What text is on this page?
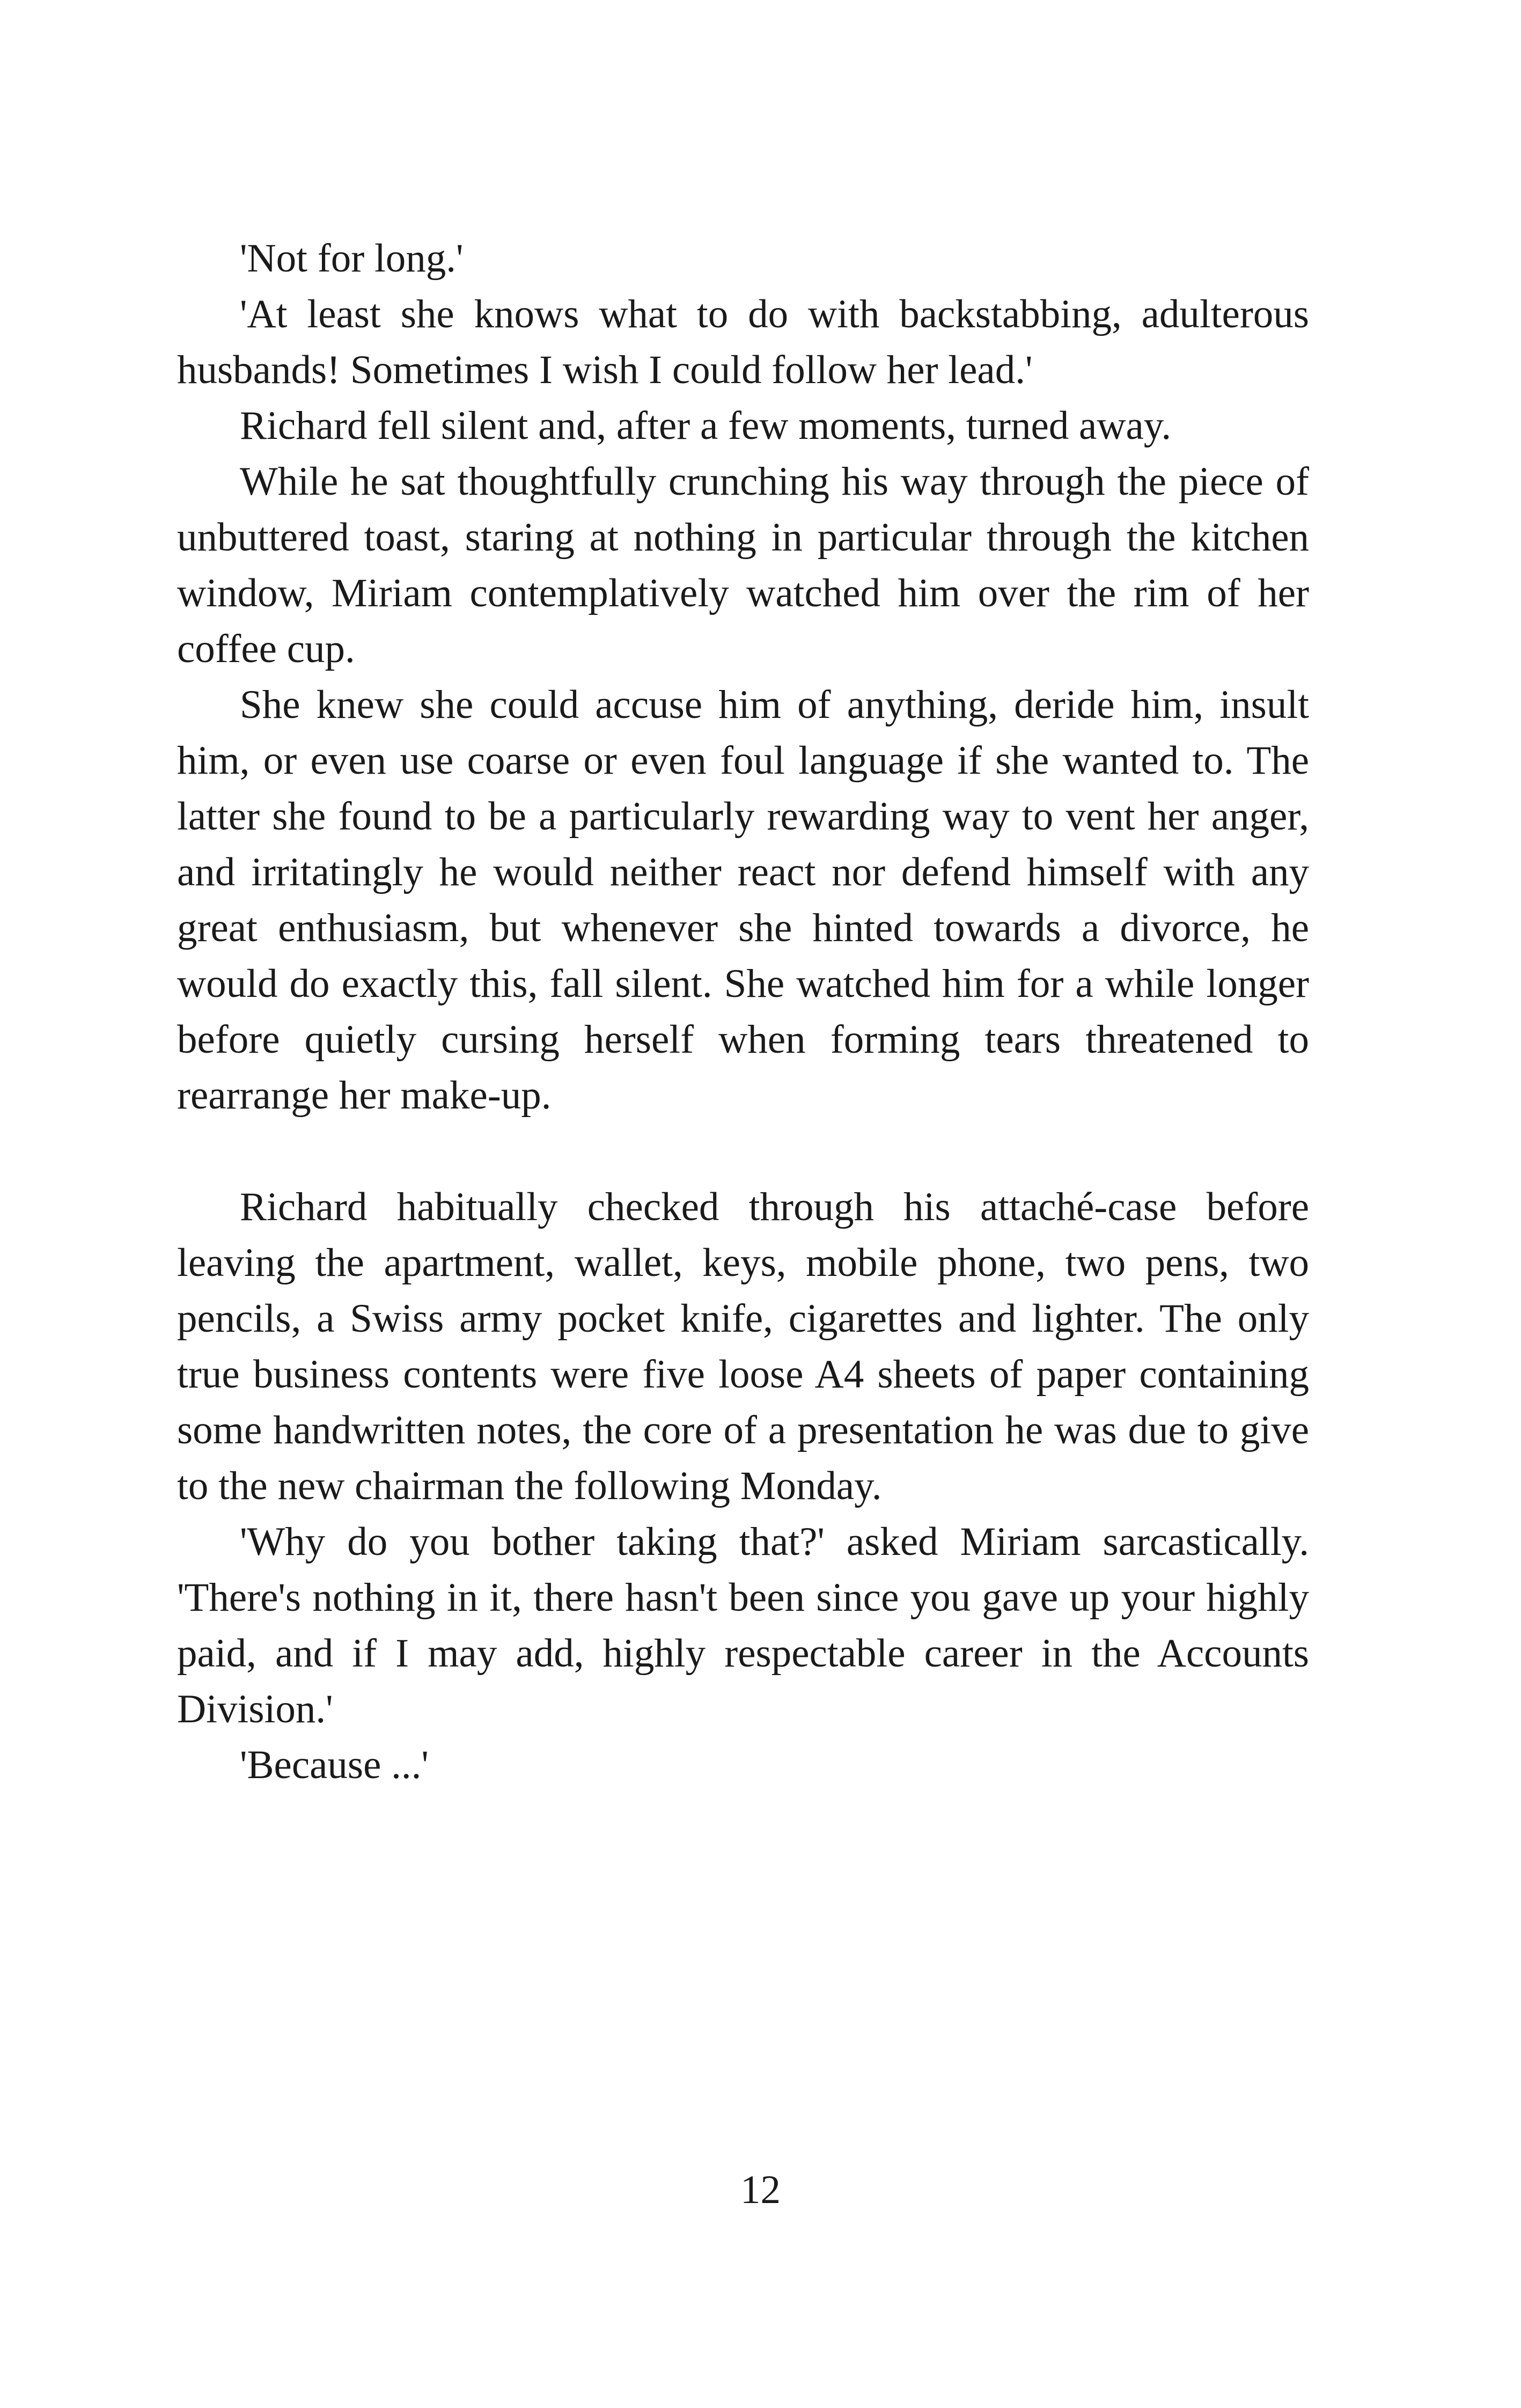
'Not for long.'

'At least she knows what to do with backstabbing, adulterous husbands! Sometimes I wish I could follow her lead.'

Richard fell silent and, after a few moments, turned away.

While he sat thoughtfully crunching his way through the piece of unbuttered toast, staring at nothing in particular through the kitchen window, Miriam contemplatively watched him over the rim of her coffee cup.

She knew she could accuse him of anything, deride him, insult him, or even use coarse or even foul language if she wanted to. The latter she found to be a particularly rewarding way to vent her anger, and irritatingly he would neither react nor defend himself with any great enthusiasm, but whenever she hinted towards a divorce, he would do exactly this, fall silent. She watched him for a while longer before quietly cursing herself when forming tears threatened to rearrange her make-up.

Richard habitually checked through his attaché-case before leaving the apartment, wallet, keys, mobile phone, two pens, two pencils, a Swiss army pocket knife, cigarettes and lighter. The only true business contents were five loose A4 sheets of paper containing some handwritten notes, the core of a presentation he was due to give to the new chairman the following Monday.

'Why do you bother taking that?' asked Miriam sarcastically. 'There's nothing in it, there hasn't been since you gave up your highly paid, and if I may add, highly respectable career in the Accounts Division.'

'Because ...'

12
